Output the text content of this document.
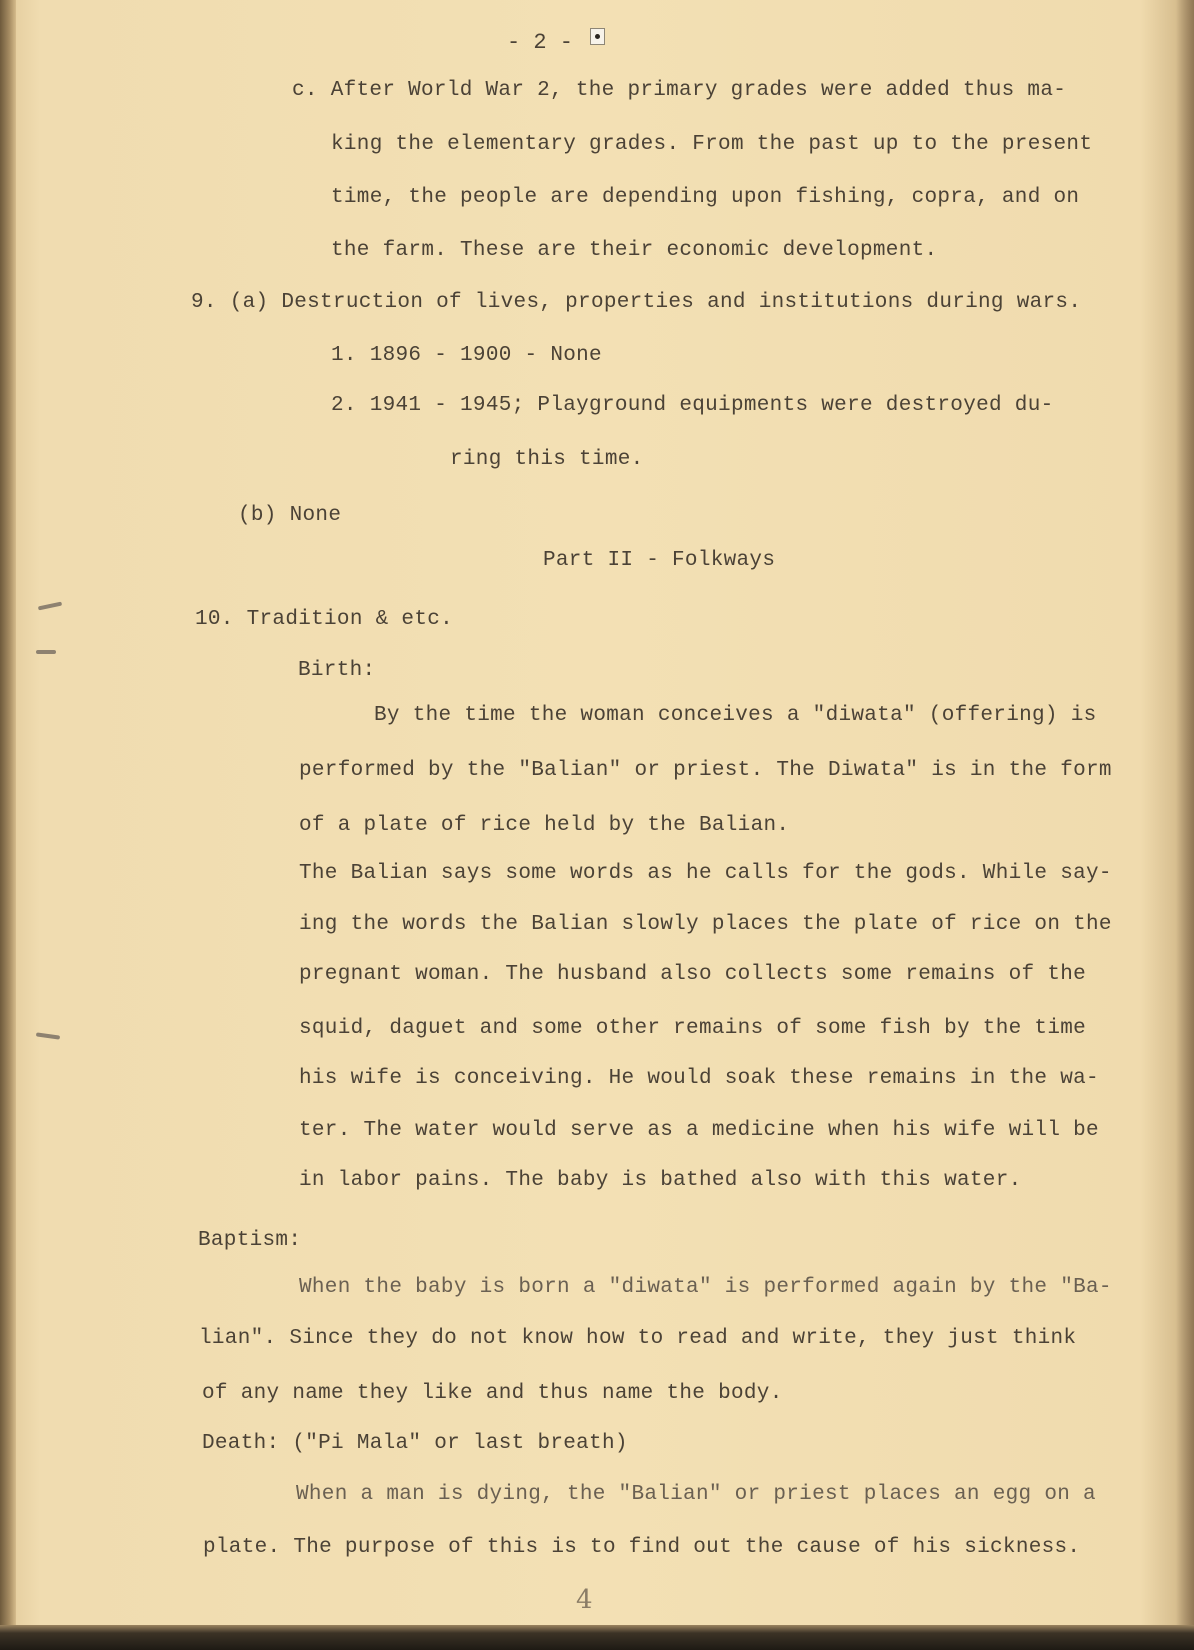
- 2 -
c. After World War 2, the primary grades were added thus ma-
king the elementary grades. From the past up to the present
time, the people are depending upon fishing, copra, and on
the farm. These are their economic development.
9. (a) Destruction of lives, properties and institutions during wars.
1. 1896 - 1900 - None
2. 1941 - 1945; Playground equipments were destroyed du-
ring this time.
(b) None
Part II - Folkways
10. Tradition & etc.
Birth:
By the time the woman conceives a "diwata" (offering) is
performed by the "Balian" or priest. The Diwata" is in the form
of a plate of rice held by the Balian.
The Balian says some words as he calls for the gods. While say-
ing the words the Balian slowly places the plate of rice on the
pregnant woman. The husband also collects some remains of the
squid, daguet and some other remains of some fish by the time
his wife is conceiving. He would soak these remains in the wa-
ter. The water would serve as a medicine when his wife will be
in labor pains. The baby is bathed also with this water.
Baptism:
When the baby is born a "diwata" is performed again by the "Ba-
lian". Since they do not know how to read and write, they just think
of any name they like and thus name the body.
Death: ("Pi Mala" or last breath)
When a man is dying, the "Balian" or priest places an egg on a
plate. The purpose of this is to find out the cause of his sickness.
4
